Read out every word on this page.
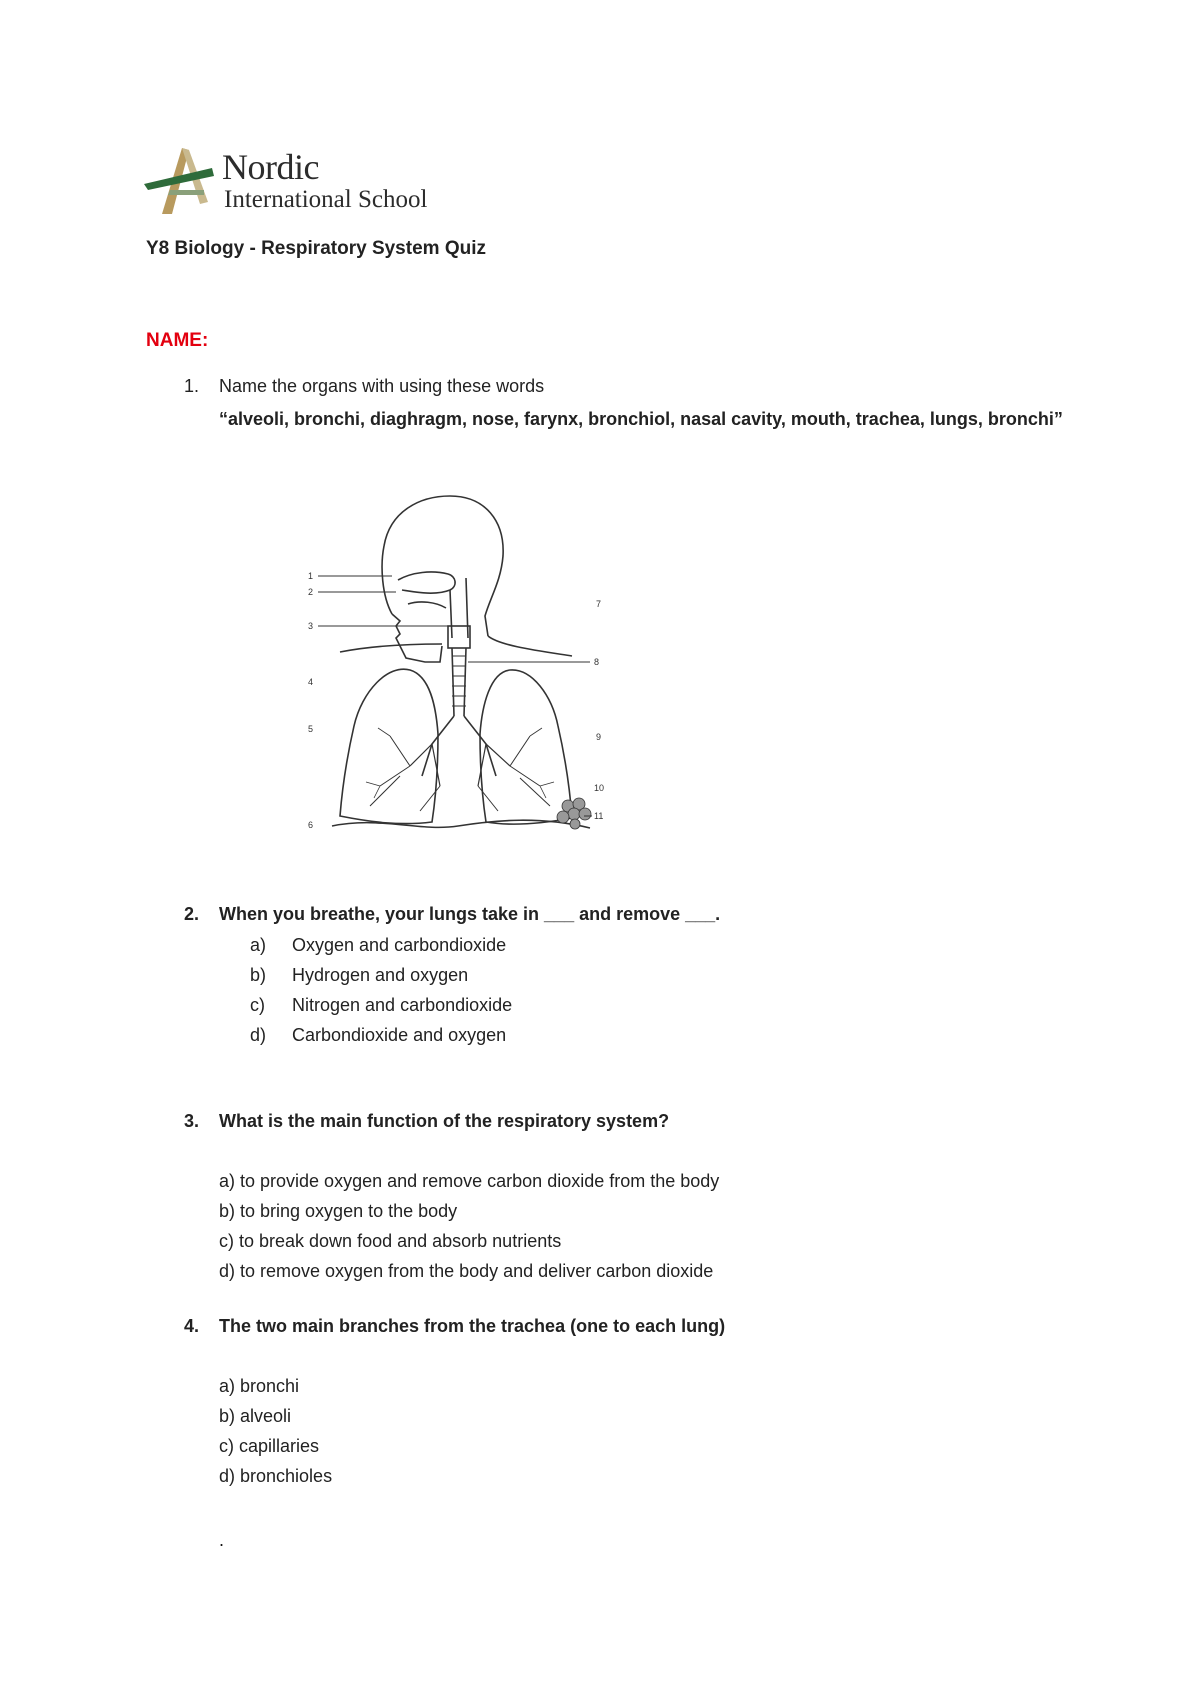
Nordic
International School
Y8 Biology - Respiratory System Quiz
NAME:
1. Name the organs with using these words
“alveoli, bronchi, diaghragm, nose, farynx, bronchiol, nasal cavity, mouth, trachea, lungs, bronchi”
1
2
3
4
5
6
7
8
9
10
11
2. When you breathe, your lungs take in ___ and remove ___.
a) Oxygen and carbondioxide
b) Hydrogen and oxygen
c) Nitrogen and carbondioxide
d) Carbondioxide and oxygen
3. What is the main function of the respiratory system?
a) to provide oxygen and remove carbon dioxide from the body
b) to bring oxygen to the body
c) to break down food and absorb nutrients
d) to remove oxygen from the body and deliver carbon dioxide
4. The two main branches from the trachea (one to each lung)
a) bronchi
b) alveoli
c) capillaries
d) bronchioles
.
